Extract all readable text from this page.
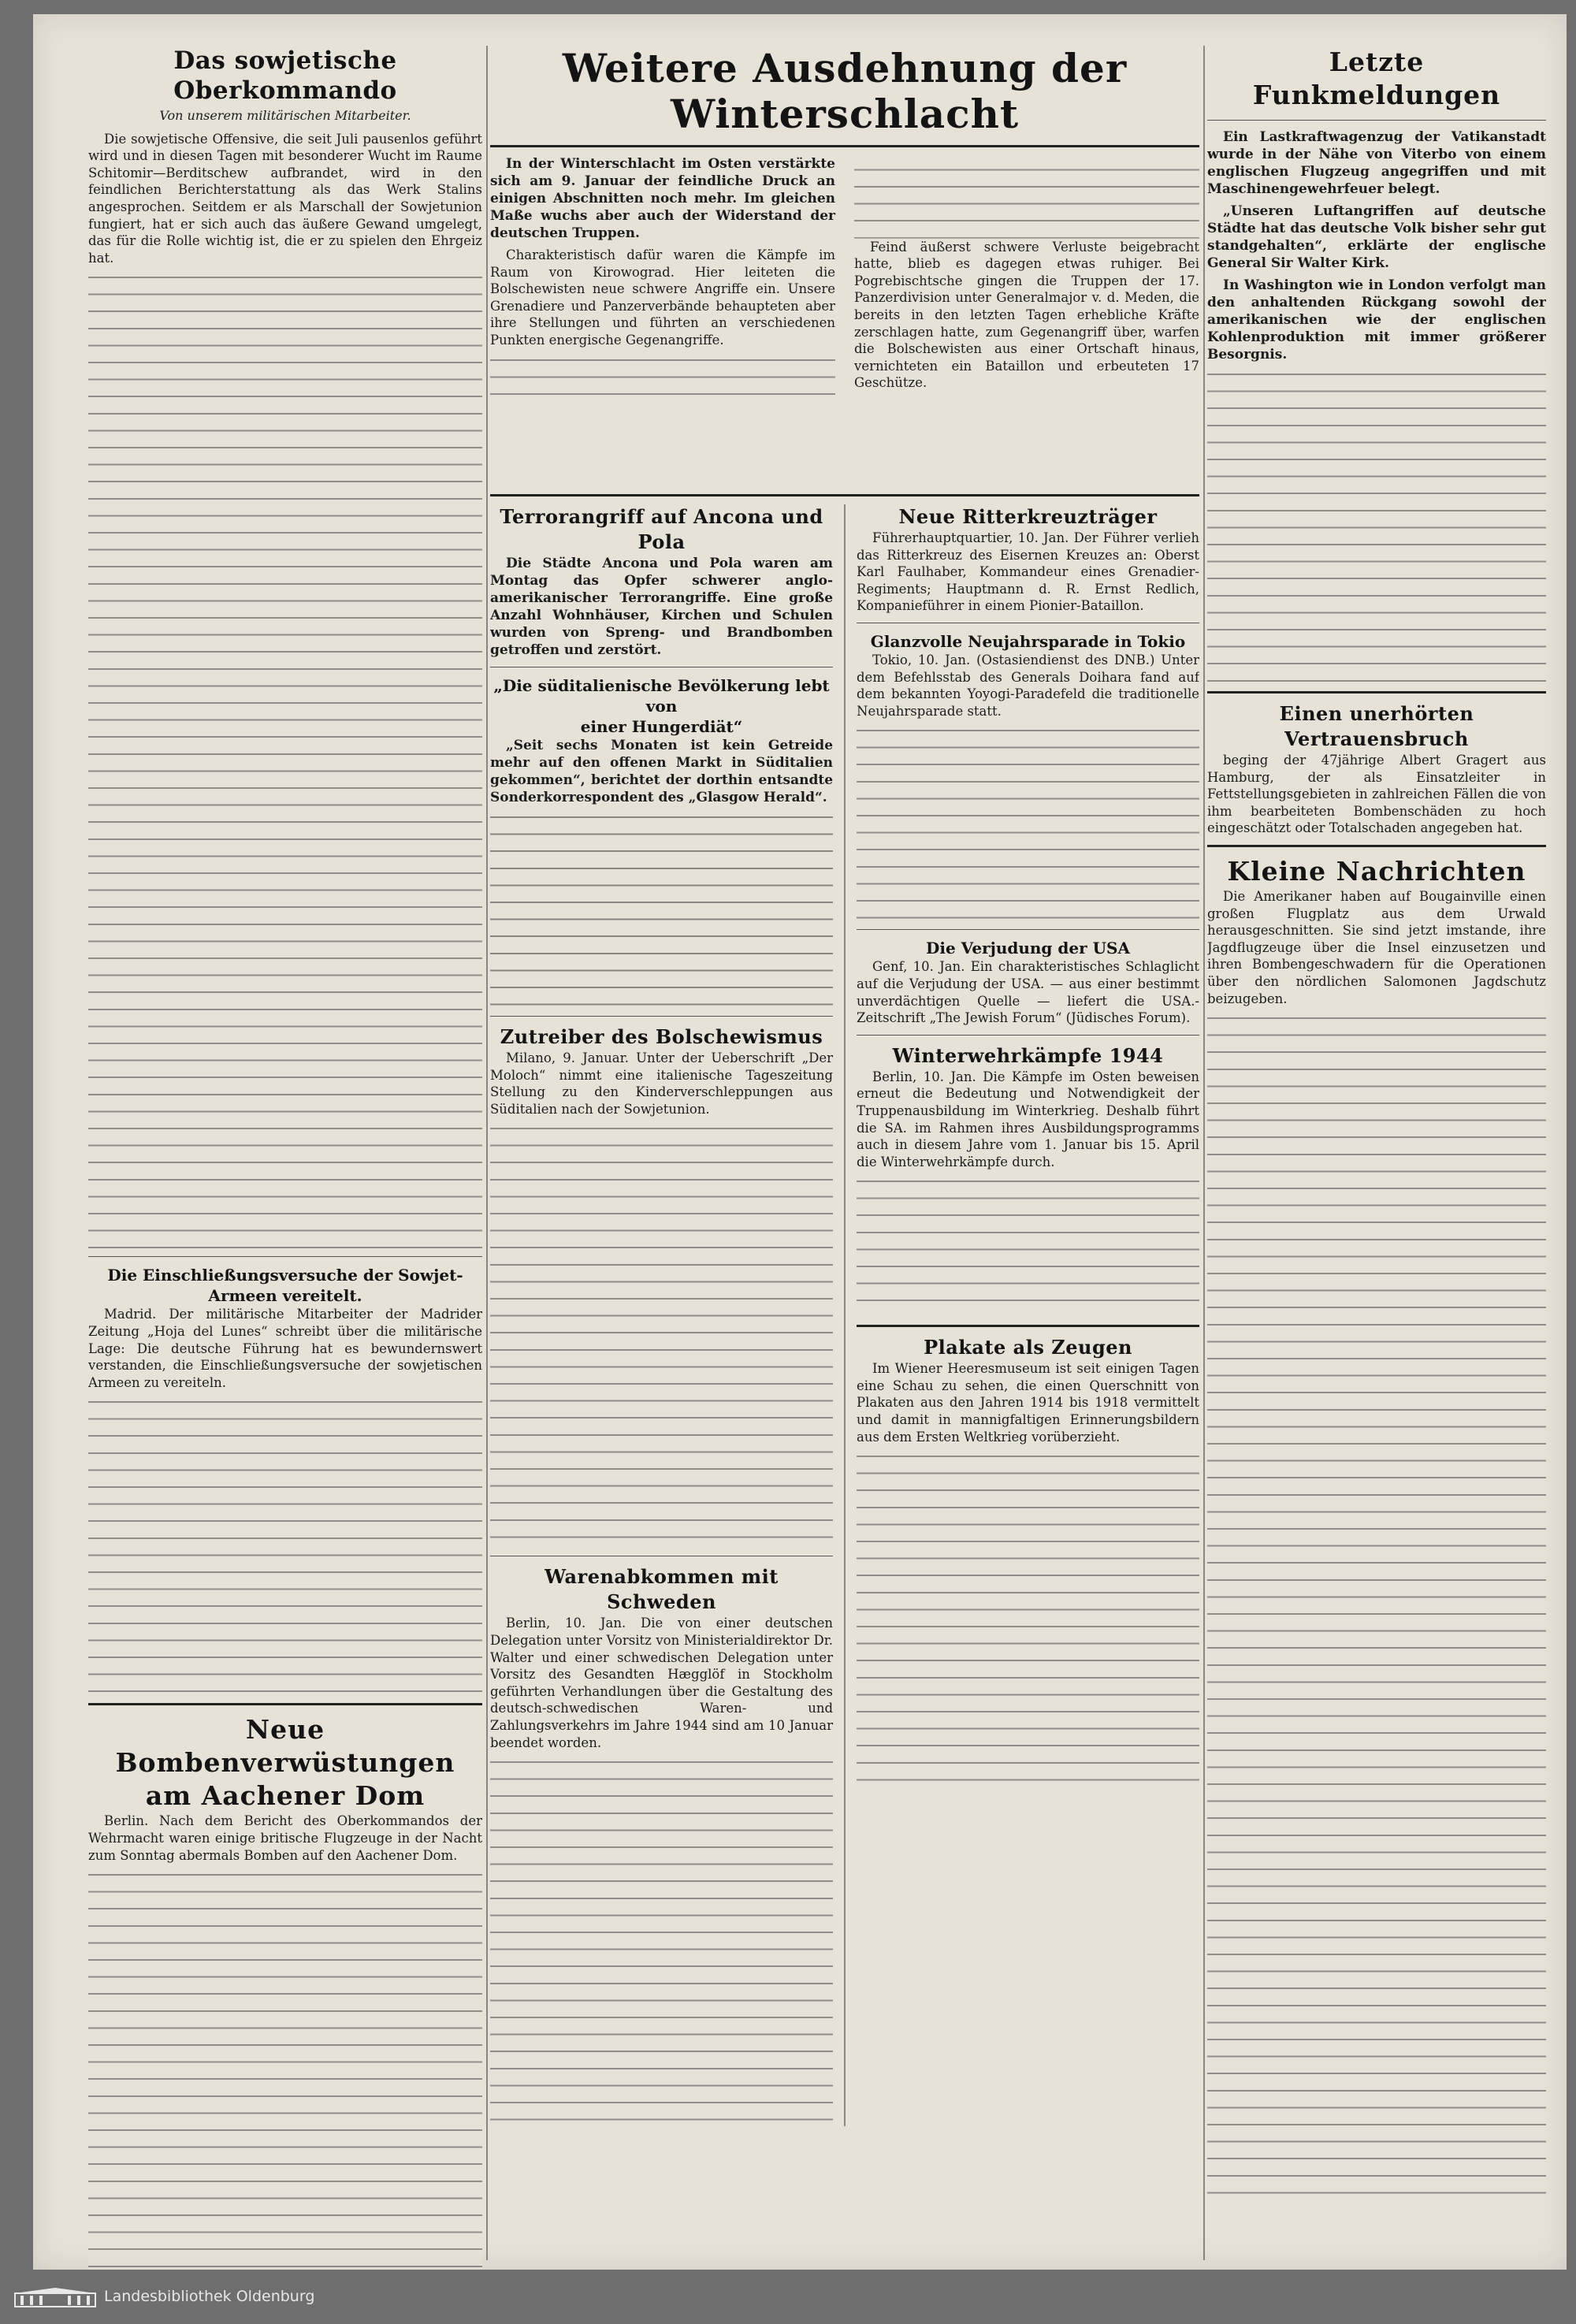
Das sowjetische Oberkommando
Von unserem militärischen Mitarbeiter.

Die sowjetische Offensive, die seit Juli pausenlos geführt wird und in diesen Tagen mit besonderer Wucht im Raume Schitomir—Berditschew aufbrandet, wird in den feindlichen Berichterstattung als das Werk Stalins angesprochen. Seitdem er als Marschall der Sowjetunion fungiert, hat er sich auch das äußere Gewand umgelegt, das für die Rolle wichtig ist, die er zu spielen den Ehrgeiz hat.

Die Einschließungsversuche der Sowjet-Armeen vereitelt.

Madrid. Der militärische Mitarbeiter der Madrider Zeitung „Hoja del Lunes“ schreibt über die militärische Lage: Die deutsche Führung hat es bewundernswert verstanden, die Einschließungsversuche der sowjetischen Armeen zu vereiteln.

Neue Bombenverwüstungen
am Aachener Dom

Berlin. Nach dem Bericht des Oberkommandos der Wehrmacht waren einige britische Flugzeuge in der Nacht zum Sonntag abermals Bomben auf den Aachener Dom.

Weitere Ausdehnung der Winterschlacht

In der Winterschlacht im Osten verstärkte sich am 9. Januar der feindliche Druck an einigen Abschnitten noch mehr. Im gleichen Maße wuchs aber auch der Widerstand der deutschen Truppen.

Charakteristisch dafür waren die Kämpfe im Raum von Kirowograd. Hier leiteten die Bolschewisten neue schwere Angriffe ein. Unsere Grenadiere und Panzerverbände behaupteten aber ihre Stellungen und führten an verschiedenen Punkten energische Gegenangriffe.

Feind äußerst schwere Verluste beigebracht hatte, blieb es dagegen etwas ruhiger. Bei Pogrebischtsche gingen die Truppen der 17. Panzerdivision unter Generalmajor v. d. Meden, die bereits in den letzten Tagen erhebliche Kräfte zerschlagen hatte, zum Gegenangriff über, warfen die Bolschewisten aus einer Ortschaft hinaus, vernichteten ein Bataillon und erbeuteten 17 Geschütze.

Terrorangriff auf Ancona und Pola

Die Städte Ancona und Pola waren am Montag das Opfer schwerer anglo-amerikanischer Terrorangriffe. Eine große Anzahl Wohnhäuser, Kirchen und Schulen wurden von Spreng- und Brandbomben getroffen und zerstört.

„Die süditalienische Bevölkerung lebt von
einer Hungerdiät“

„Seit sechs Monaten ist kein Getreide mehr auf den offenen Markt in Süditalien gekommen“, berichtet der dorthin entsandte Sonderkorrespondent des „Glasgow Herald“.

Zutreiber des Bolschewismus

Milano, 9. Januar. Unter der Ueberschrift „Der Moloch“ nimmt eine italienische Tageszeitung Stellung zu den Kinderverschleppungen aus Süditalien nach der Sowjetunion.

Warenabkommen mit Schweden

Berlin, 10. Jan. Die von einer deutschen Delegation unter Vorsitz von Ministerialdirektor Dr. Walter und einer schwedischen Delegation unter Vorsitz des Gesandten Hægglöf in Stockholm geführten Verhandlungen über die Gestaltung des deutsch-schwedischen Waren- und Zahlungsverkehrs im Jahre 1944 sind am 10 Januar beendet worden.

Neue Ritterkreuzträger

Führerhauptquartier, 10. Jan. Der Führer verlieh das Ritterkreuz des Eisernen Kreuzes an: Oberst Karl Faulhaber, Kommandeur eines Grenadier-Regiments; Hauptmann d. R. Ernst Redlich, Kompanieführer in einem Pionier-Bataillon.

Glanzvolle Neujahrsparade in Tokio

Tokio, 10. Jan. (Ostasiendienst des DNB.) Unter dem Befehlsstab des Generals Doihara fand auf dem bekannten Yoyogi-Paradefeld die traditionelle Neujahrsparade statt.

Die Verjudung der USA

Genf, 10. Jan. Ein charakteristisches Schlaglicht auf die Verjudung der USA. — aus einer bestimmt unverdächtigen Quelle — liefert die USA.-Zeitschrift „The Jewish Forum“ (Jüdisches Forum).

Winterwehrkämpfe 1944

Berlin, 10. Jan. Die Kämpfe im Osten beweisen erneut die Bedeutung und Notwendigkeit der Truppenausbildung im Winterkrieg. Deshalb führt die SA. im Rahmen ihres Ausbildungsprogramms auch in diesem Jahre vom 1. Januar bis 15. April die Winterwehrkämpfe durch.

Plakate als Zeugen

Im Wiener Heeresmuseum ist seit einigen Tagen eine Schau zu sehen, die einen Querschnitt von Plakaten aus den Jahren 1914 bis 1918 vermittelt und damit in mannigfaltigen Erinnerungsbildern aus dem Ersten Weltkrieg vorüberzieht.

Letzte Funkmeldungen

Ein Lastkraftwagenzug der Vatikanstadt wurde in der Nähe von Viterbo von einem englischen Flugzeug angegriffen und mit Maschinengewehrfeuer belegt.

„Unseren Luftangriffen auf deutsche Städte hat das deutsche Volk bisher sehr gut standgehalten“, erklärte der englische General Sir Walter Kirk.

In Washington wie in London verfolgt man den anhaltenden Rückgang sowohl der amerikanischen wie der englischen Kohlenproduktion mit immer größerer Besorgnis.

Einen unerhörten Vertrauensbruch

beging der 47jährige Albert Gragert aus Hamburg, der als Einsatzleiter in Fettstellungsgebieten in zahlreichen Fällen die von ihm bearbeiteten Bombenschäden zu hoch eingeschätzt oder Totalschaden angegeben hat.

Kleine Nachrichten

Die Amerikaner haben auf Bougainville einen großen Flugplatz aus dem Urwald herausgeschnitten. Sie sind jetzt imstande, ihre Jagdflugzeuge über die Insel einzusetzen und ihren Bombengeschwadern für die Operationen über den nördlichen Salomonen Jagdschutz beizugeben.

Landesbibliothek Oldenburg
